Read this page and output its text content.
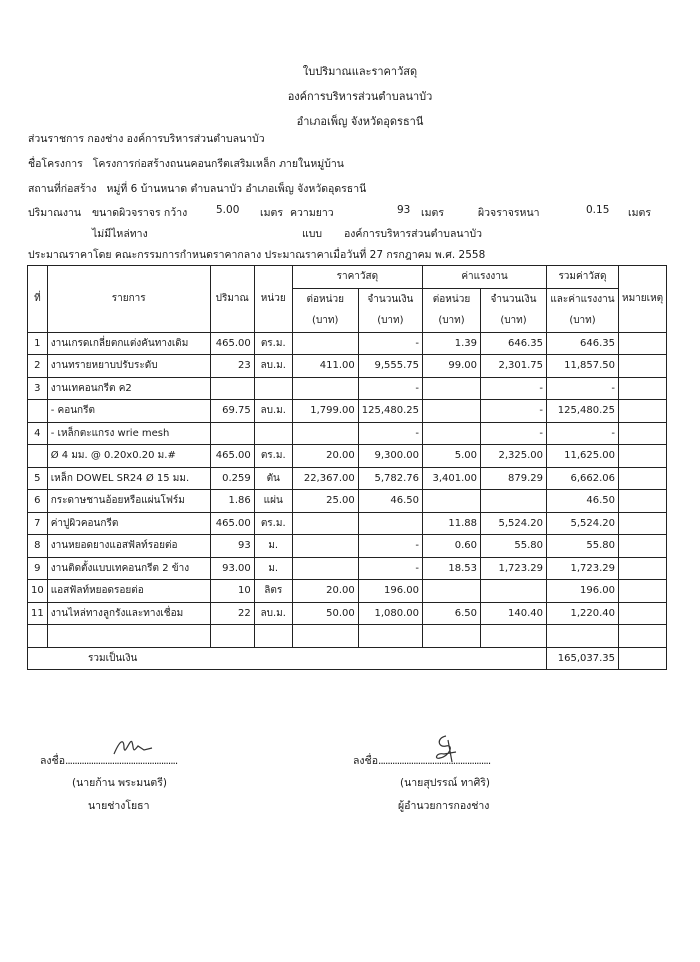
ใบปริมาณและราคาวัสดุ
องค์การบริหารส่วนตำบลนาบัว
อำเภอเพ็ญ จังหวัดอุดรธานี
ส่วนราชการ กองช่าง องค์การบริหารส่วนตำบลนาบัว
ชื่อโครงการ โครงการก่อสร้างถนนคอนกรีตเสริมเหล็ก ภายในหมู่บ้าน
สถานที่ก่อสร้าง หมู่ที่ 6 บ้านหนาด ตำบลนาบัว อำเภอเพ็ญ จังหวัดอุดรธานี
ปริมาณงาน ขนาดผิวจราจร กว้าง	5.00 เมตร ความยาว	93 เมตร	ผิวจราจรหนา	0.15 เมตร
ไม่มีไหล่ทาง	แบบ องค์การบริหารส่วนตำบลนาบัว
ประมาณราคาโดย คณะกรรมการกำหนดราคากลาง ประมาณราคาเมื่อวันที่ 27 กรกฎาคม พ.ศ. 2558
ที่	รายการ	ปริมาณ	หน่วย	ราคาวัสดุ		ค่าแรงงาน		รวมค่าวัสดุ	หมายเหตุ
				ต่อหน่วย	จำนวนเงิน	ต่อหน่วย	จำนวนเงิน	และค่าแรงงาน	
				(บาท)	(บาท)	(บาท)	(บาท)	(บาท)	
1	งานเกรดเกลี่ยตกแต่งคันทางเดิม	465.00	ตร.ม.		-	1.39	646.35	646.35	
2	งานทรายหยาบปรับระดับ	23	ลบ.ม.	411.00	9,555.75	99.00	2,301.75	11,857.50	
3	งานเทคอนกรีต ค2				-		-	-	
	- คอนกรีต	69.75	ลบ.ม.	1,799.00	125,480.25		-	125,480.25	
4	- เหล็กตะแกรง wrie mesh				-		-	-	
	Ø 4 มม. @ 0.20x0.20 ม.#	465.00	ตร.ม.	20.00	9,300.00	5.00	2,325.00	11,625.00	
5	เหล็ก DOWEL SR24 Ø 15 มม.	0.259	ตัน	22,367.00	5,782.76	3,401.00	879.29	6,662.06	
6	กระดาษชานอ้อยหรือแผ่นโฟร์ม	1.86	แผ่น	25.00	46.50			46.50	
7	ค่าปูผิวคอนกรีต	465.00	ตร.ม.			11.88	5,524.20	5,524.20	
8	งานหยอดยางแอสฟัลท์รอยต่อ	93	ม.		-	0.60	55.80	55.80	
9	งานติดตั้งแบบเทคอนกรีต 2 ข้าง	93.00	ม.		-	18.53	1,723.29	1,723.29	
10	แอสฟัลท์หยอดรอยต่อ	10	ลิตร	20.00	196.00			196.00	
11	งานไหล่ทางลูกรังและทางเชื่อม	22	ลบ.ม.	50.00	1,080.00	6.50	140.40	1,220.40	

รวมเป็นเงิน								165,037.35	
ลงชื่อ................................................
(นายก้าน พระมนตรี)
นายช่างโยธา
ลงชื่อ................................................
(นายสุปรรณ์ ทาศิริ)
ผู้อำนวยการกองช่าง
